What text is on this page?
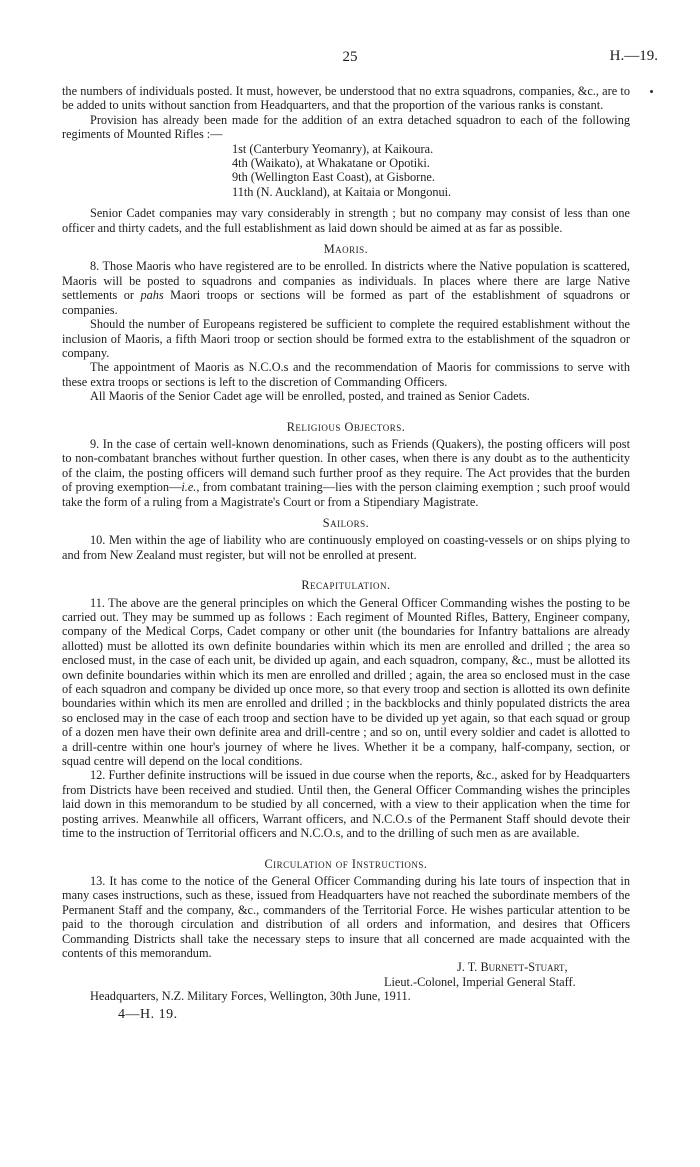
25	H.—19.

the numbers of individuals posted. It must, however, be understood that no extra squadrons, companies, &c., are to be added to units without sanction from Headquarters, and that the proportion of the various ranks is constant.

Provision has already been made for the addition of an extra detached squadron to each of the following regiments of Mounted Rifles :—

1st (Canterbury Yeomanry), at Kaikoura.
4th (Waikato), at Whakatane or Opotiki.
9th (Wellington East Coast), at Gisborne.
11th (N. Auckland), at Kaitaia or Mongonui.

Senior Cadet companies may vary considerably in strength ; but no company may consist of less than one officer and thirty cadets, and the full establishment as laid down should be aimed at as far as possible.

Maoris.

8. Those Maoris who have registered are to be enrolled. In districts where the Native population is scattered, Maoris will be posted to squadrons and companies as individuals. In places where there are large Native settlements or pahs Maori troops or sections will be formed as part of the establishment of squadrons or companies.

Should the number of Europeans registered be sufficient to complete the required establishment without the inclusion of Maoris, a fifth Maori troop or section should be formed extra to the establishment of the squadron or company.

The appointment of Maoris as N.C.O.s and the recommendation of Maoris for commissions to serve with these extra troops or sections is left to the discretion of Commanding Officers.

All Maoris of the Senior Cadet age will be enrolled, posted, and trained as Senior Cadets.

Religious Objectors.

9. In the case of certain well-known denominations, such as Friends (Quakers), the posting officers will post to non-combatant branches without further question. In other cases, when there is any doubt as to the authenticity of the claim, the posting officers will demand such further proof as they require. The Act provides that the burden of proving exemption—i.e., from combatant training—lies with the person claiming exemption ; such proof would take the form of a ruling from a Magistrate's Court or from a Stipendiary Magistrate.

Sailors.

10. Men within the age of liability who are continuously employed on coasting-vessels or on ships plying to and from New Zealand must register, but will not be enrolled at present.

Recapitulation.

11. The above are the general principles on which the General Officer Commanding wishes the posting to be carried out. They may be summed up as follows : Each regiment of Mounted Rifles, Battery, Engineer company, company of the Medical Corps, Cadet company or other unit (the boundaries for Infantry battalions are already allotted) must be allotted its own definite boundaries within which its men are enrolled and drilled ; the area so enclosed must, in the case of each unit, be divided up again, and each squadron, company, &c., must be allotted its own definite boundaries within which its men are enrolled and drilled ; again, the area so enclosed must in the case of each squadron and company be divided up once more, so that every troop and section is allotted its own definite boundaries within which its men are enrolled and drilled ; in the backblocks and thinly populated districts the area so enclosed may in the case of each troop and section have to be divided up yet again, so that each squad or group of a dozen men have their own definite area and drill-centre ; and so on, until every soldier and cadet is allotted to a drill-centre within one hour's journey of where he lives. Whether it be a company, half-company, section, or squad centre will depend on the local conditions.

12. Further definite instructions will be issued in due course when the reports, &c., asked for by Headquarters from Districts have been received and studied. Until then, the General Officer Commanding wishes the principles laid down in this memorandum to be studied by all concerned, with a view to their application when the time for posting arrives. Meanwhile all officers, Warrant officers, and N.C.O.s of the Permanent Staff should devote their time to the instruction of Territorial officers and N.C.O.s, and to the drilling of such men as are available.

Circulation of Instructions.

13. It has come to the notice of the General Officer Commanding during his late tours of inspection that in many cases instructions, such as these, issued from Headquarters have not reached the subordinate members of the Permanent Staff and the company, &c., commanders of the Territorial Force. He wishes particular attention to be paid to the thorough circulation and distribution of all orders and information, and desires that Officers Commanding Districts shall take the necessary steps to insure that all concerned are made acquainted with the contents of this memorandum.

J. T. Burnett-Stuart,
Lieut.-Colonel, Imperial General Staff.

Headquarters, N.Z. Military Forces, Wellington, 30th June, 1911.

4—H. 19.
